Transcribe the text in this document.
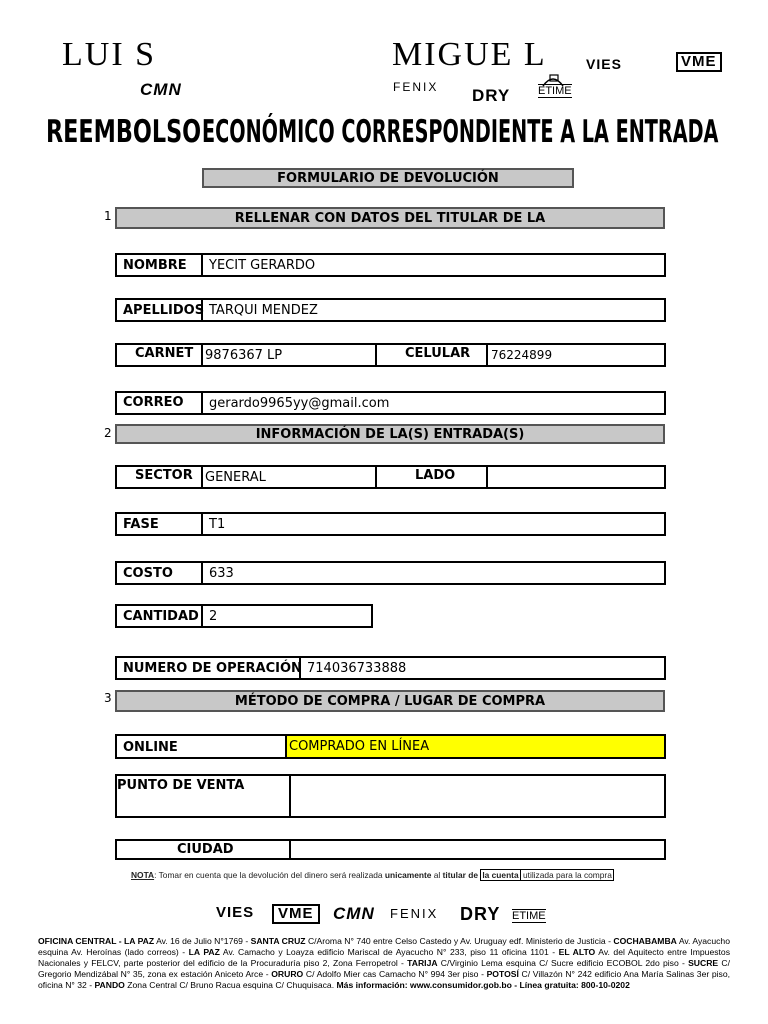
LUI S	MIGUE L
CMN
VIES	VME
FENIX DRY	ETIME
REEMBOLSO ECONÓMICO CORRESPONDIENTE A LA ENTRADA
FORMULARIO DE DEVOLUCIÓN
1	RELLENAR CON DATOS DEL TITULAR DE LA
NOMBRE YECIT GERARDO
APELLIDOS TARQUI MENDEZ
CARNET 9876367 LP	CELULAR 76224899
CORREO gerardo9965yy@gmail.com
2	INFORMACIÓN DE LA(S) ENTRADA(S)
SECTOR GENERAL	LADO
FASE	T1
COSTO	633
CANTIDAD 2
NUMERO DE OPERACIÓN 714036733888
3	MÉTODO DE COMPRA / LUGAR DE COMPRA
ONLINE	COMPRADO EN LÍNEA
PUNTO DE VENTA
CIUDAD
NOTA: Tomar en cuenta que la devolución del dinero será realizada unicamente al titular de la cuenta utilizada para la compra
VIES	VME	CMN FENIX DRY ETIME
OFICINA CENTRAL - LA PAZ Av. 16 de Julio N°1769 - SANTA CRUZ C/Aroma N° 740 entre Celso Castedo y Av. Uruguay edf. Ministerio de Justicia - COCHABAMBA Av. Ayacucho esquina Av. Heroínas (lado correos) - LA PAZ Av. Camacho y Loayza edificio Mariscal de Ayacucho N° 233, piso 11 oficina 1101 - EL ALTO Av. del Aquitecto entre Impuestos Nacionales y FELCV, parte posterior del edificio de la Procuraduría piso 2, Zona Ferropetrol - TARIJA C/Virginio Lema esquina C/ Sucre edificio ECOBOL 2do piso - SUCRE C/ Gregorio Mendizábal N° 35, zona ex estación Aniceto Arce - ORURO C/ Adolfo Mier cas Camacho N° 994 3er piso - POTOSÍ C/ Villazón N° 242 edificio Ana María Salinas 3er piso, oficina N° 32 - PANDO Zona Central C/ Bruno Racua esquina C/ Chuquisaca. Más información: www.consumidor.gob.bo - Línea gratuita: 800-10-0202
